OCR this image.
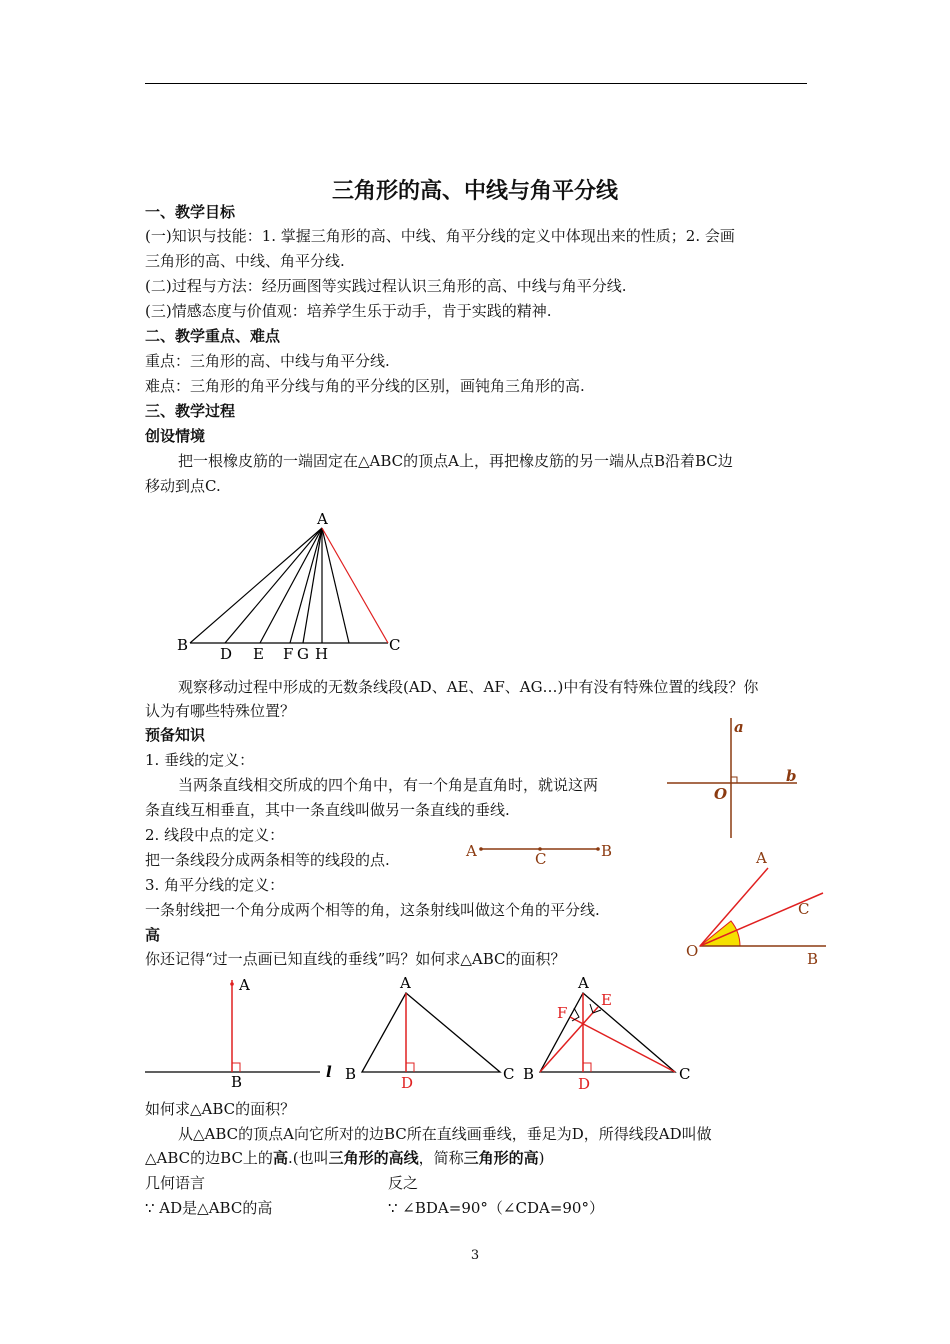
三角形的高、中线与角平分线
一、教学目标
(一)知识与技能：1. 掌握三角形的高、中线、角平分线的定义中体现出来的性质；2. 会画
三角形的高、中线、角平分线.
(二)过程与方法：经历画图等实践过程认识三角形的高、中线与角平分线.
(三)情感态度与价值观：培养学生乐于动手，肯于实践的精神.
二、教学重点、难点
重点：三角形的高、中线与角平分线.
难点：三角形的角平分线与角的平分线的区别，画钝角三角形的高.
三、教学过程
创设情境
把一根橡皮筋的一端固定在△ABC的顶点A上，再把橡皮筋的另一端从点B沿着BC边
移动到点C.
观察移动过程中形成的无数条线段(AD、AE、AF、AG…)中有没有特殊位置的线段？你
认为有哪些特殊位置？
预备知识
1. 垂线的定义：
当两条直线相交所成的四个角中，有一个角是直角时，就说这两
条直线互相垂直，其中一条直线叫做另一条直线的垂线.
2. 线段中点的定义：
把一条线段分成两条相等的线段的点.
3. 角平分线的定义：
一条射线把一个角分成两个相等的角，这条射线叫做这个角的平分线.
高
你还记得“过一点画已知直线的垂线”吗？如何求△ABC的面积？
如何求△ABC的面积？
从△ABC的顶点A向它所对的边BC所在直线画垂线，垂足为D，所得线段AD叫做
△ABC的边BC上的高.(也叫三角形的高线，简称三角形的高)
几何语言	反之
∵ AD是△ABC的高	∵ ∠BDA=90°（∠CDA=90°）
3
A
B	C
D E F G H
a
b
O
A	C	B
O
A
C
B
A
B
l
A
B	C
D
A
B	C
D
E
F
